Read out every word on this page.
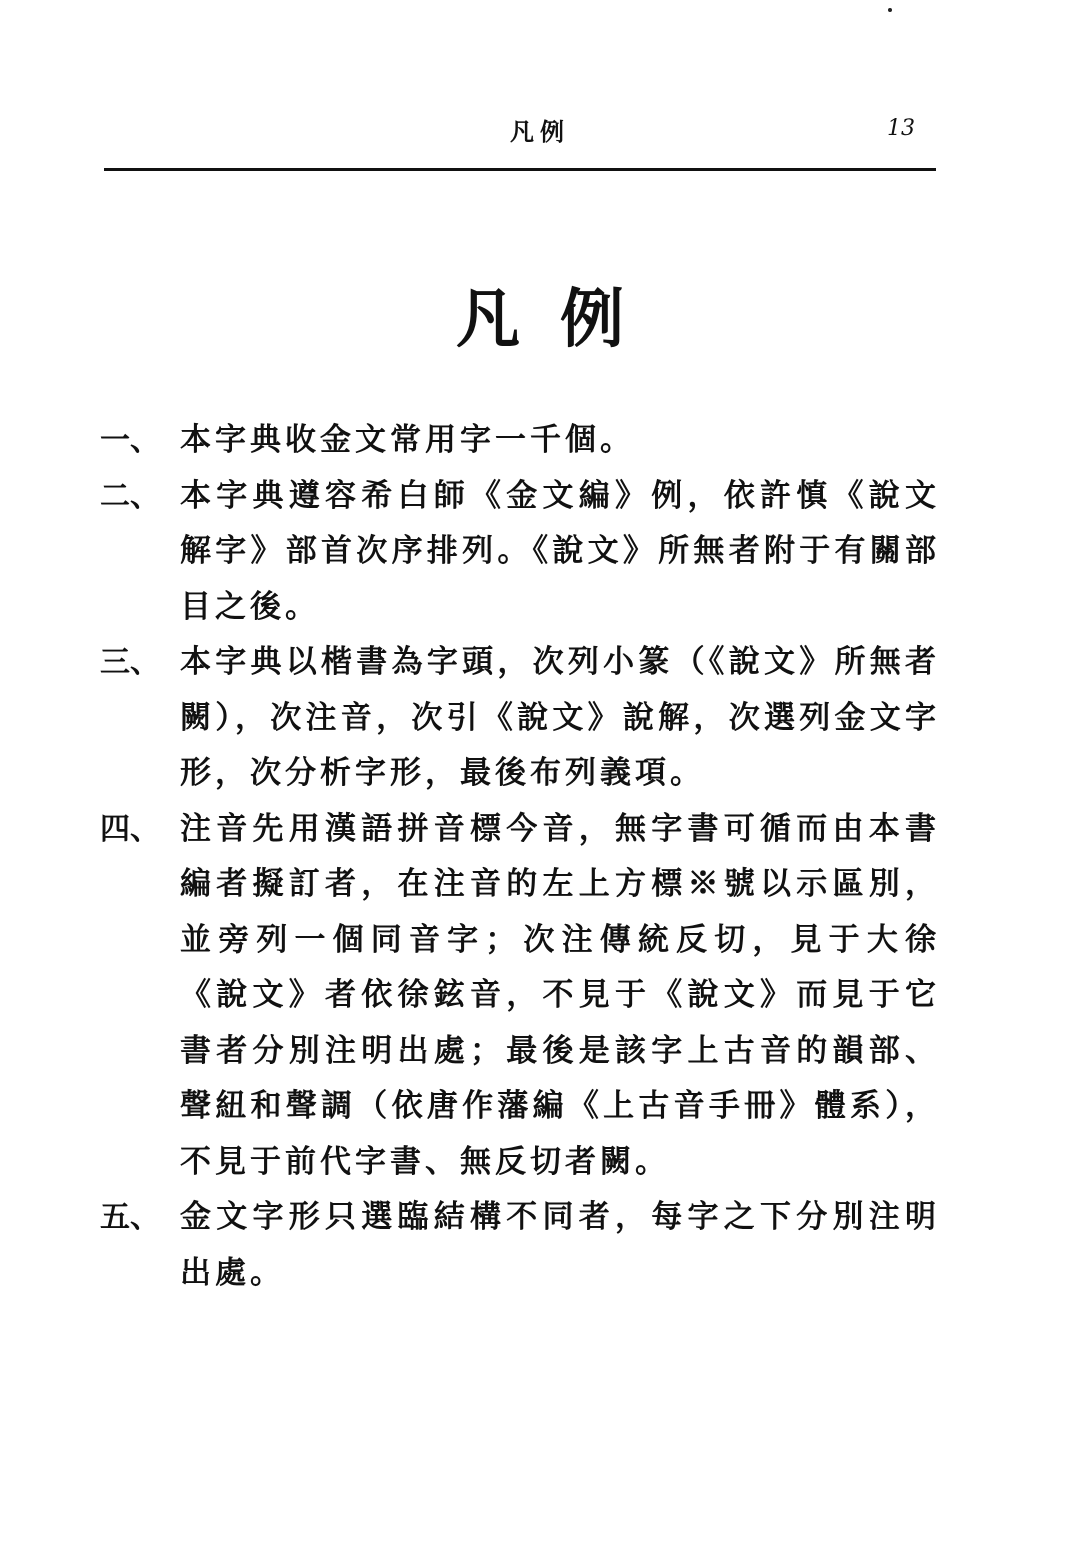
凡例	13
凡例
一、 本字典收金文常用字一千個。
二、 本字典遵容希白師《金文編》例，依許慎《說文解字》部首次序排列。《說文》所無者附于有關部目之後。
三、 本字典以楷書為字頭，次列小篆（《說文》所無者闕），次注音，次引《說文》說解，次選列金文字形，次分析字形，最後布列義項。
四、 注音先用漢語拼音標今音，無字書可循而由本書編者擬訂者，在注音的左上方標※號以示區別，並旁列一個同音字；次注傳統反切，見于大徐《說文》者依徐鉉音，不見于《說文》而見于它書者分別注明出處；最後是該字上古音的韻部、聲紐和聲調（依唐作藩編《上古音手冊》體系），不見于前代字書、無反切者闕。
五、 金文字形只選臨結構不同者，每字之下分別注明出處。
